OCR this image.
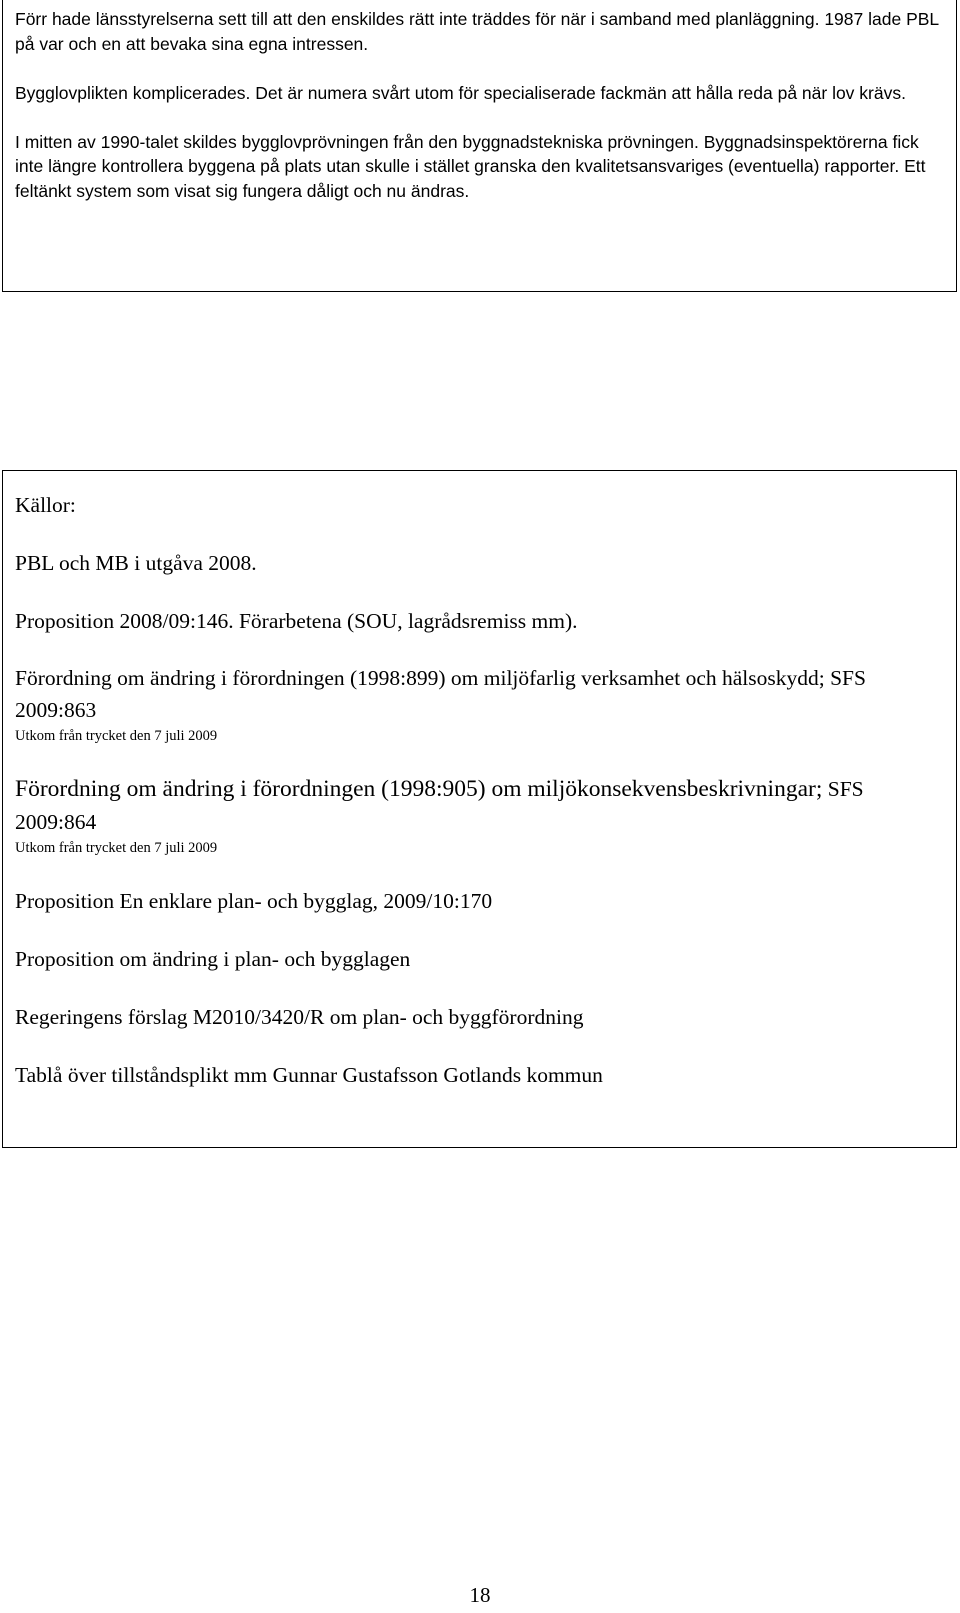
Förr hade länsstyrelserna sett till att den enskildes rätt inte träddes för när i samband med planläggning. 1987 lade PBL på var och en att bevaka sina egna intressen.

Bygglovplikten komplicerades. Det är numera svårt utom för specialiserade fackmän att hålla reda på när lov krävs.

I mitten av 1990-talet skildes bygglovprövningen från den byggnadstekniska prövningen. Byggnadsinspektörerna fick inte längre kontrollera byggena på plats utan skulle i stället granska den kvalitetsansvariges (eventuella) rapporter. Ett feltänkt system som visat sig fungera dåligt och nu ändras.

Källor:
PBL och MB i utgåva 2008.
Proposition 2008/09:146. Förarbetena (SOU, lagrådsremiss mm).
Förordning om ändring i förordningen (1998:899) om miljöfarlig verksamhet och hälsoskydd; SFS 2009:863
Utkom från trycket den 7 juli 2009
Förordning om ändring i förordningen (1998:905) om miljökonsekvensbeskrivningar; SFS 2009:864
Utkom från trycket den 7 juli 2009
Proposition En enklare plan- och bygglag, 2009/10:170
Proposition om ändring i plan- och bygglagen
Regeringens förslag M2010/3420/R om plan- och byggförordning
Tablå över tillståndsplikt mm Gunnar Gustafsson Gotlands kommun
18
